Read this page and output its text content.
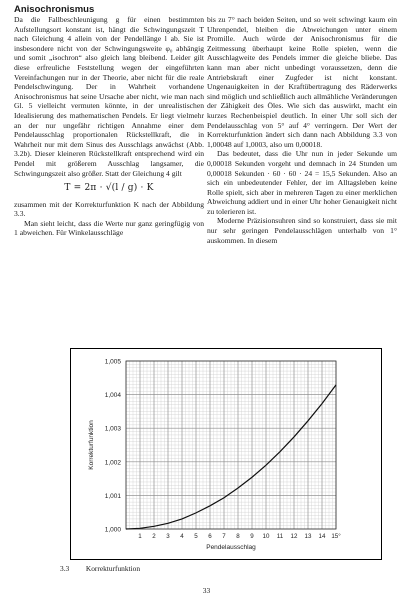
Anisochronismus

Da die Fallbeschleunigung g für einen bestimmten Aufstellungsort konstant ist, hängt die Schwingungszeit T nach Gleichung 4 allein von der Pendellänge l ab. Sie ist insbesondere nicht von der Schwingungsweite φ₀ abhängig und somit „isochron“ also gleich lang bleibend. Leider gilt diese erfreuliche Feststellung wegen der eingeführten Vereinfachungen nur in der Theorie, aber nicht für die reale Pendelschwingung. Der in Wahrheit vorhandene Anisochronismus hat seine Ursache aber nicht, wie man nach Gl. 5 vielleicht vermuten könnte, in der unrealistischen Idealisierung des mathematischen Pendels. Er liegt vielmehr an der nur ungefähr richtigen Annahme einer dem Pendelausschlag proportionalen Rückstellkraft, die in Wahrheit nur mit dem Sinus des Ausschlags anwächst (Abb. 3.2b). Dieser kleineren Rückstellkraft entsprechend wird ein Pendel mit größerem Ausschlag langsamer, die Schwingungszeit also größer. Statt der Gleichung 4 gilt

T = 2π · √(l / g) · K

zusammen mit der Korrekturfunktion K nach der Abbildung 3.3.

Man sieht leicht, dass die Werte nur ganz geringfügig von 1 abweichen. Für Winkelausschläge

bis zu 7° nach beiden Seiten, und so weit schwingt kaum ein Uhrenpendel, bleiben die Abweichungen unter einem Promille. Auch würde der Anisochronismus für die Zeitmessung überhaupt keine Rolle spielen, wenn die Ausschlagweite des Pendels immer die gleiche bliebe. Das kann man aber nicht unbedingt voraussetzen, denn die Antriebskraft einer Zugfeder ist nicht konstant. Ungenauigkeiten in der Kraftübertragung des Räderwerks sind möglich und schließlich auch allmähliche Veränderungen der Zähigkeit des Öles. Wie sich das auswirkt, macht ein kurzes Rechenbeispiel deutlich. In einer Uhr soll sich der Pendelausschlag von 5° auf 4° verringern. Der Wert der Korrekturfunktion ändert sich dann nach Abbildung 3.3 von 1,00048 auf 1,0003, also um 0,00018.

Das bedeutet, dass die Uhr nun in jeder Sekunde um 0,00018 Sekunden vorgeht und demnach in 24 Stunden um 0,00018 Sekunden · 60 · 60 · 24 = 15,5 Sekunden. Also an sich ein unbedeutender Fehler, der im Alltagsleben keine Rolle spielt, sich aber in mehreren Tagen zu einer merklichen Abweichung addiert und in einer Uhr hoher Genauigkeit nicht zu tolerieren ist.

Moderne Präzisionsuhren sind so konstruiert, dass sie mit nur sehr geringen Pendelausschlägen unterhalb von 1° auskommen. In diesem

1,000
1,001
1,002
1,003
1,004
1,005
1 2 3 4 5 6 7 8 9 10 11 12 13 14 15°
Pendelausschlag
Korrekturfunktion
3.3 Korrekturfunktion
33
